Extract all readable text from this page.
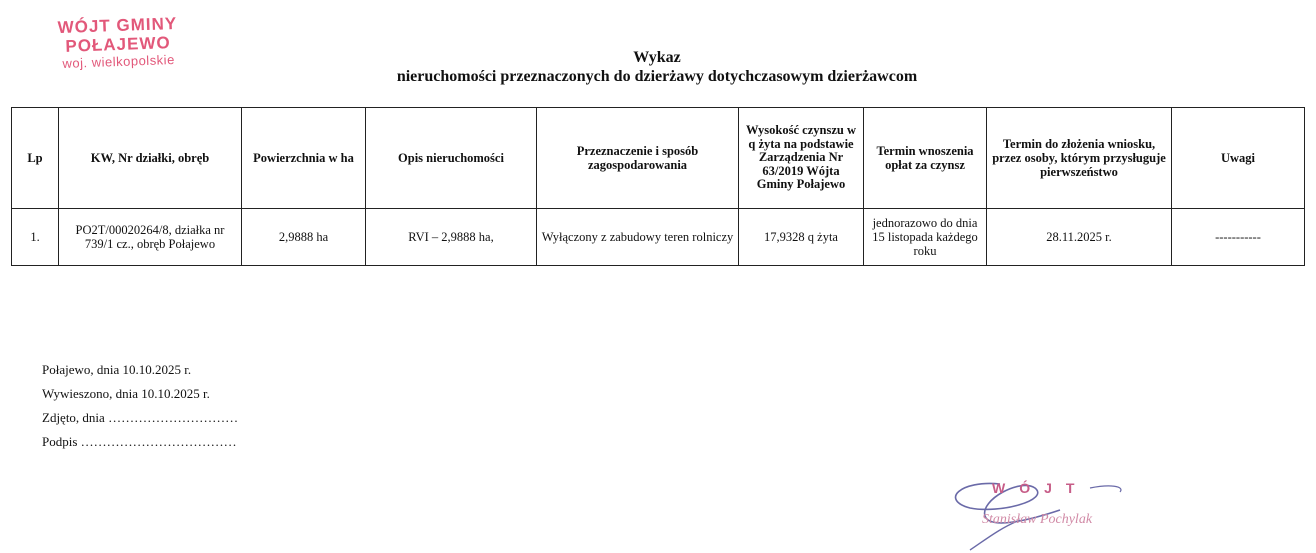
WÓJT GMINY
POŁAJEWO
woj. wielkopolskie	Wykaz
nieruchomości przeznaczonych do dzierżawy dotychczasowym dzierżawcom
Lp	KW, Nr działki, obręb	Powierzchnia w ha	Opis nieruchomości	Przeznaczenie i sposób zagospodarowania	Wysokość czynszu w q żyta na podstawie Zarządzenia Nr 63/2019 Wójta Gminy Połajewo	Termin wnoszenia opłat za czynsz	Termin do złożenia wniosku, przez osoby, którym przysługuje pierwszeństwo	Uwagi
1.	PO2T/00020264/8, działka nr 739/1 cz., obręb Połajewo	2,9888 ha	RVI – 2,9888 ha,	Wyłączony z zabudowy teren rolniczy	17,9328 q żyta	jednorazowo do dnia 15 listopada każdego roku	28.11.2025 r.	-----------
Połajewo, dnia 10.10.2025 r.
Wywieszono, dnia 10.10.2025 r.
Zdjęto, dnia …………………………
Podpis ………………………………
WÓJT
Stanisław Pochylak
